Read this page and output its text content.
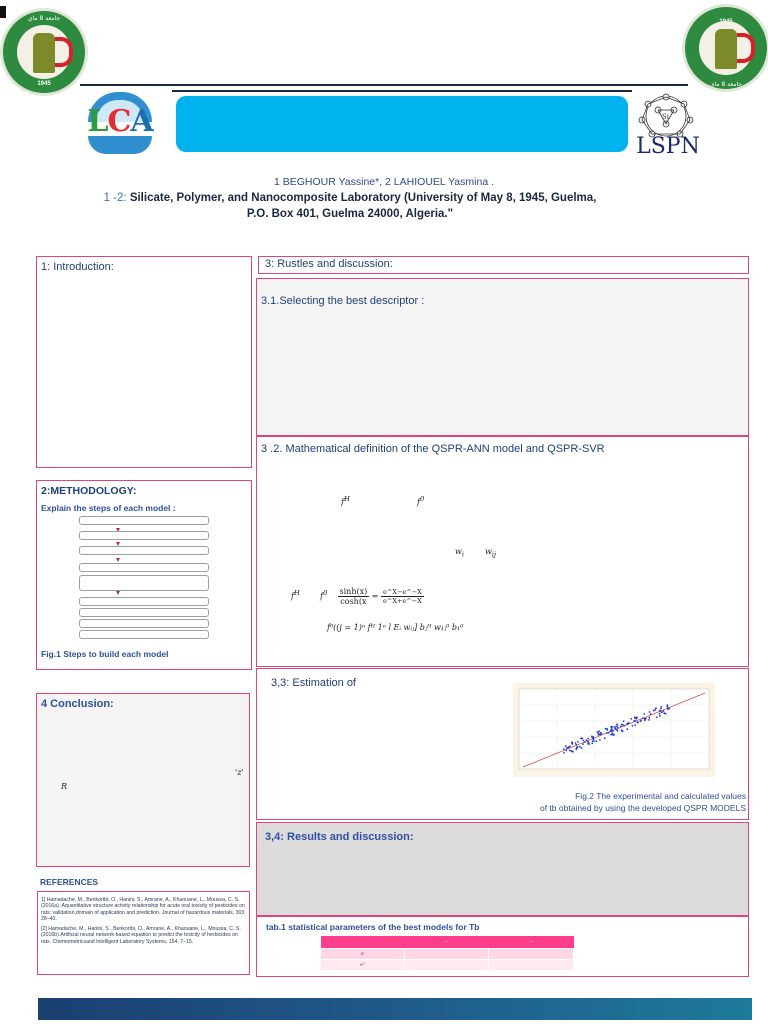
جامعة 8 ماي
1945	جامعة 8 ماي
LCA	Si
LSPN
1 BEGHOUR Yassine*, 2 LAHIOUEL Yasmina .
1 -2: Silicate, Polymer, and Nanocomposite Laboratory (University of May 8, 1945, Guelma,
P.O. Box 401, Guelma 24000, Algeria."
1: Introduction:
2:METHODOLOGY:
Explain the steps of each model :
Fig.1 Steps to build each model
4 Conclusion:
'z'
R
REFERENCES

1[ Hamadache, M., Benkortbi, O., Hanini, S., Amrane, A., Khaouane, L., Moussa, C. S. (2016a). Aquantitative structure activity relationship for acute oral toxicity of pesticides on rats: validation,domain of application and prediction. Journal of hazardous materials, 303, 28–40.

[2] Hamadache, M., Hanini, S., Benkortbi, O., Amrane, A., Khaouane, L., Moussa, C. S. (2016b).Artificial neural network-based equation to predict the toxicity of herbicides on rats. Chemometricsand Intelligent Laboratory Systems, 154, 7–15.

3: Rustles and discussion:
3.1.Selecting the best descriptor :
3 .2. Mathematical definition of the QSPR-ANN model and QSPR-SVR
$f^H$	$f^0$
$w_i$	$w_{ij}$
$f^H$	$f^0 \frac{\sinh(x)}{\cosh(x} = \frac{e\^{}X-e\^{}-X}{e\^{}X+e\^{}-X}$
f⁰((j = 1)ⁿ fᴴ 1ⁿ l Eᵢ wᵢⱼ] bⱼᴴ w₁ⱼ⁰ b₁⁰
3,3: Estimation of
Fig.2 The experimental and calculated values
of tb obtained by using the developed QSPR MODELS
3,4: Results and discussion:
tab.1 statistical parameters of the best models for Tb
	–	–
e		
s²		
